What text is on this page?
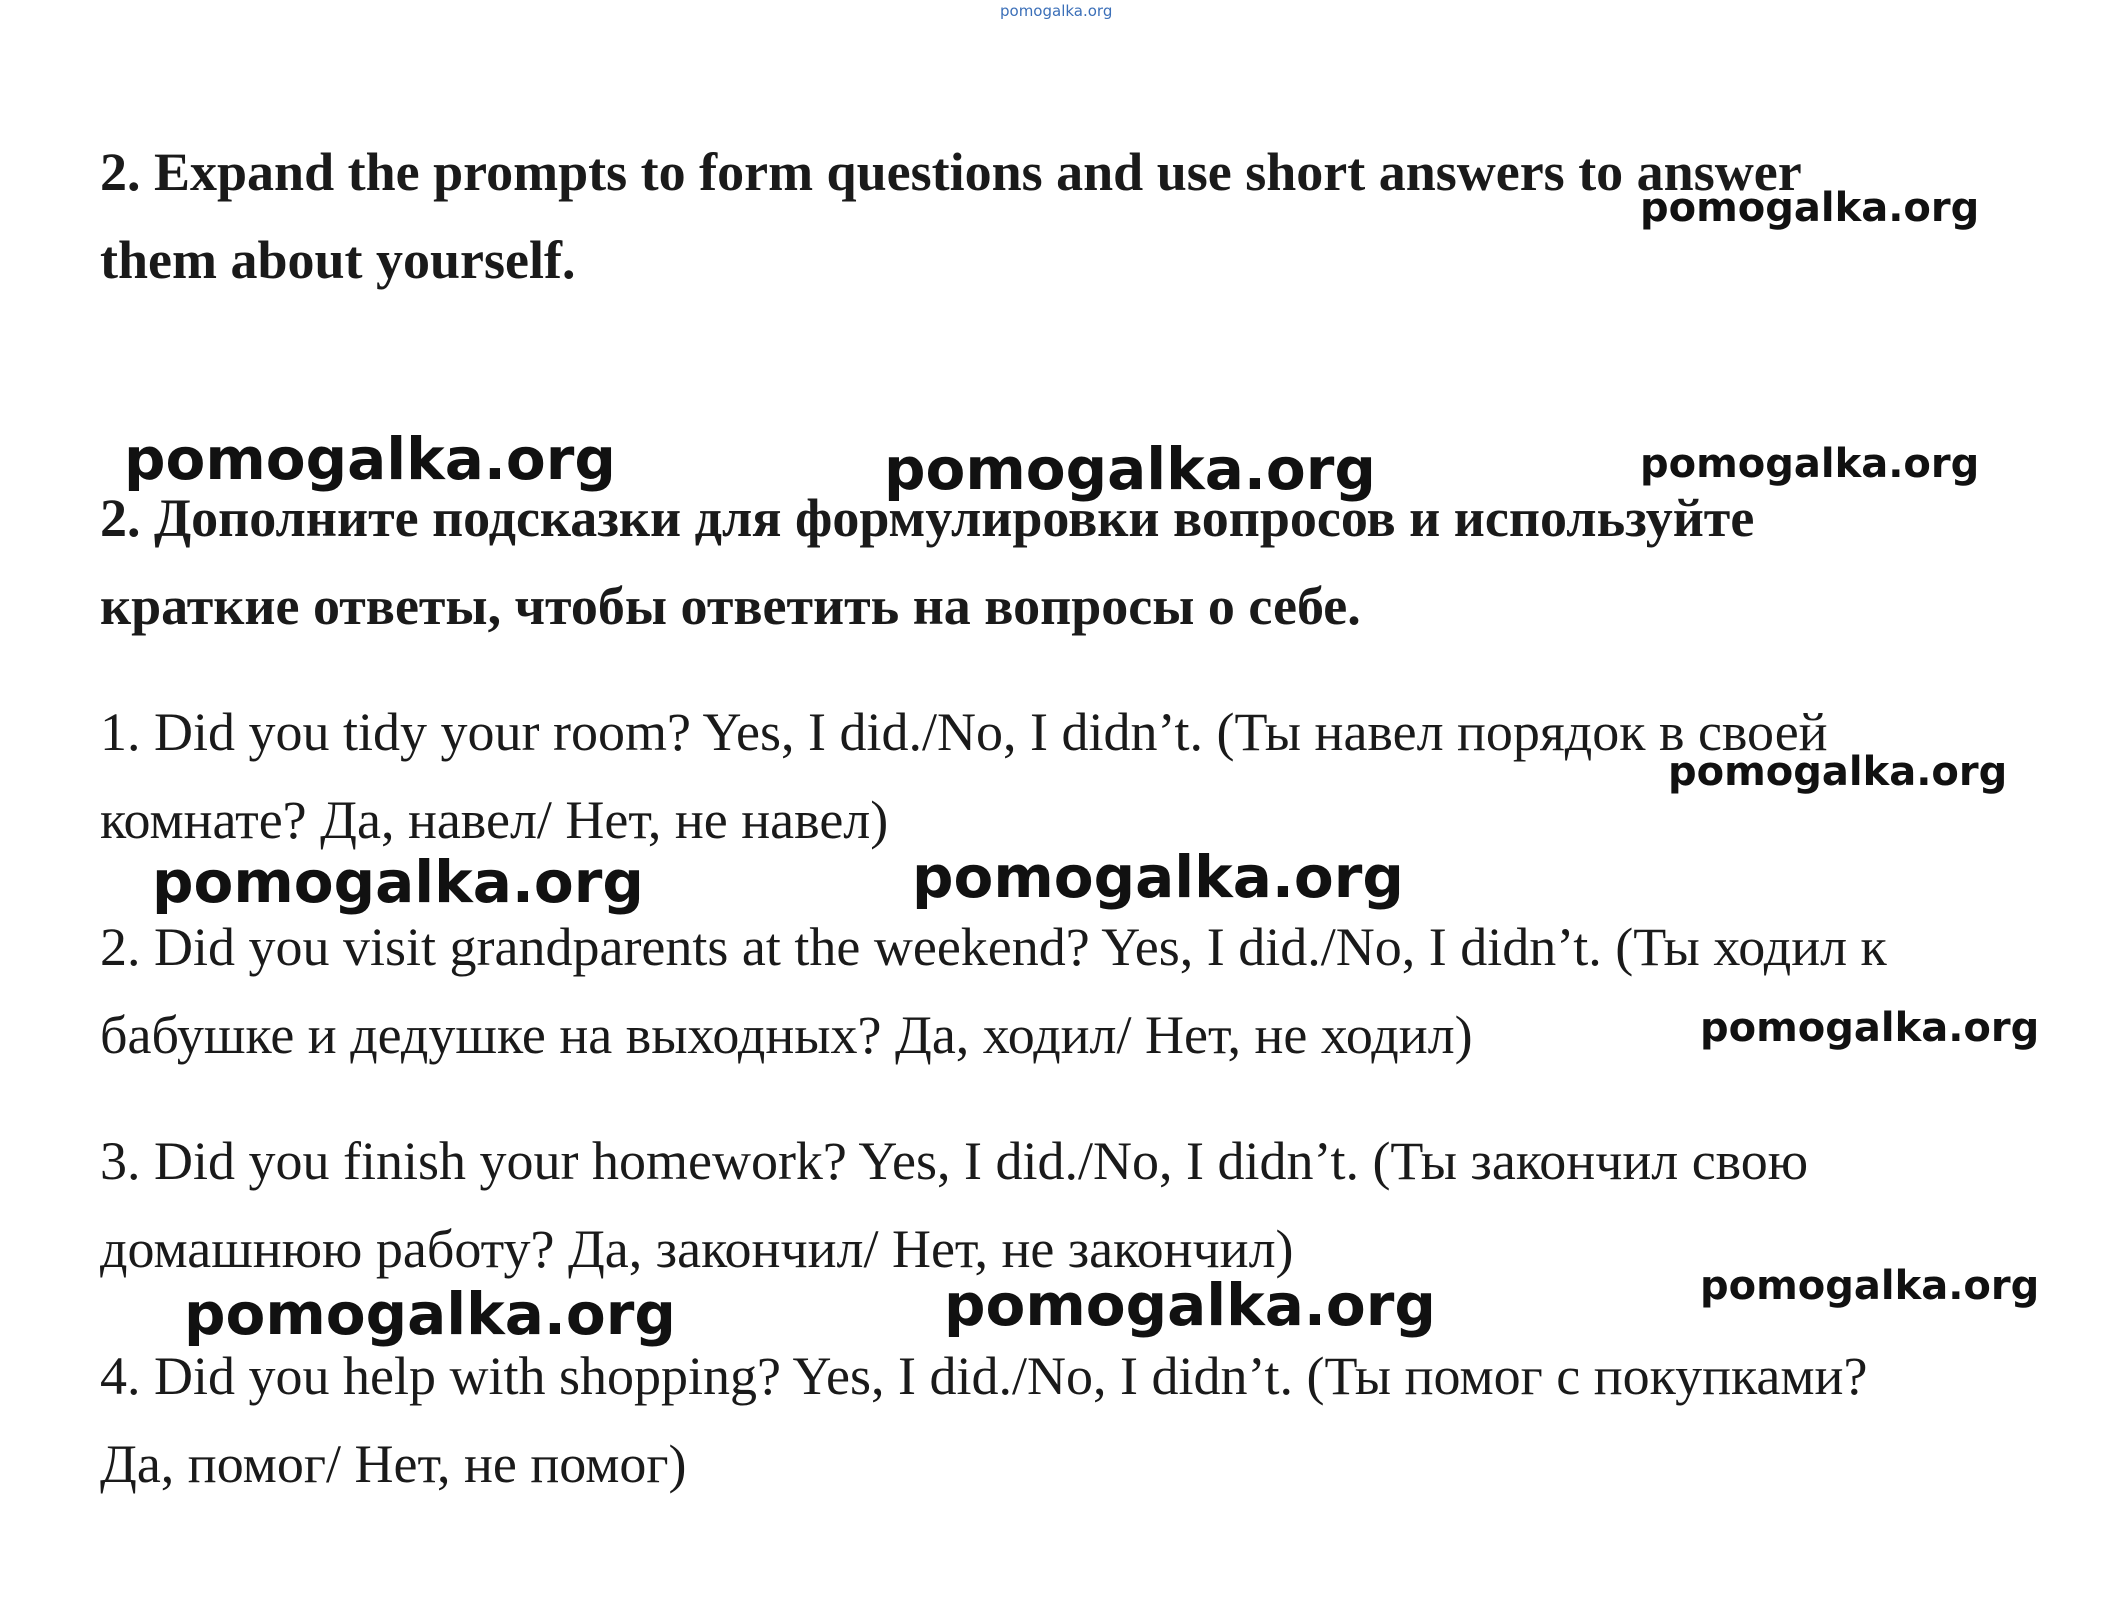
pomogalka.org
2. Expand the prompts to form questions and use short answers to answer
them about yourself.
2. Дополните подсказки для формулировки вопросов и используйте
краткие ответы, чтобы ответить на вопросы о себе.

1. Did you tidy your room? Yes, I did./No, I didn’t. (Ты навел порядок в своей
комнате? Да, навел/ Нет, не навел)

2. Did you visit grandparents at the weekend? Yes, I did./No, I didn’t. (Ты ходил к
бабушке и дедушке на выходных? Да, ходил/ Нет, не ходил)

3. Did you finish your homework? Yes, I did./No, I didn’t. (Ты закончил свою
домашнюю работу? Да, закончил/ Нет, не закончил)

4. Did you help with shopping? Yes, I did./No, I didn’t. (Ты помог с покупками?
Да, помог/ Нет, не помог)

pomogalka.org
pomogalka.org	pomogalka.org	pomogalka.org
pomogalka.org
pomogalka.org	pomogalka.org
pomogalka.org
pomogalka.org
pomogalka.org	pomogalka.org
